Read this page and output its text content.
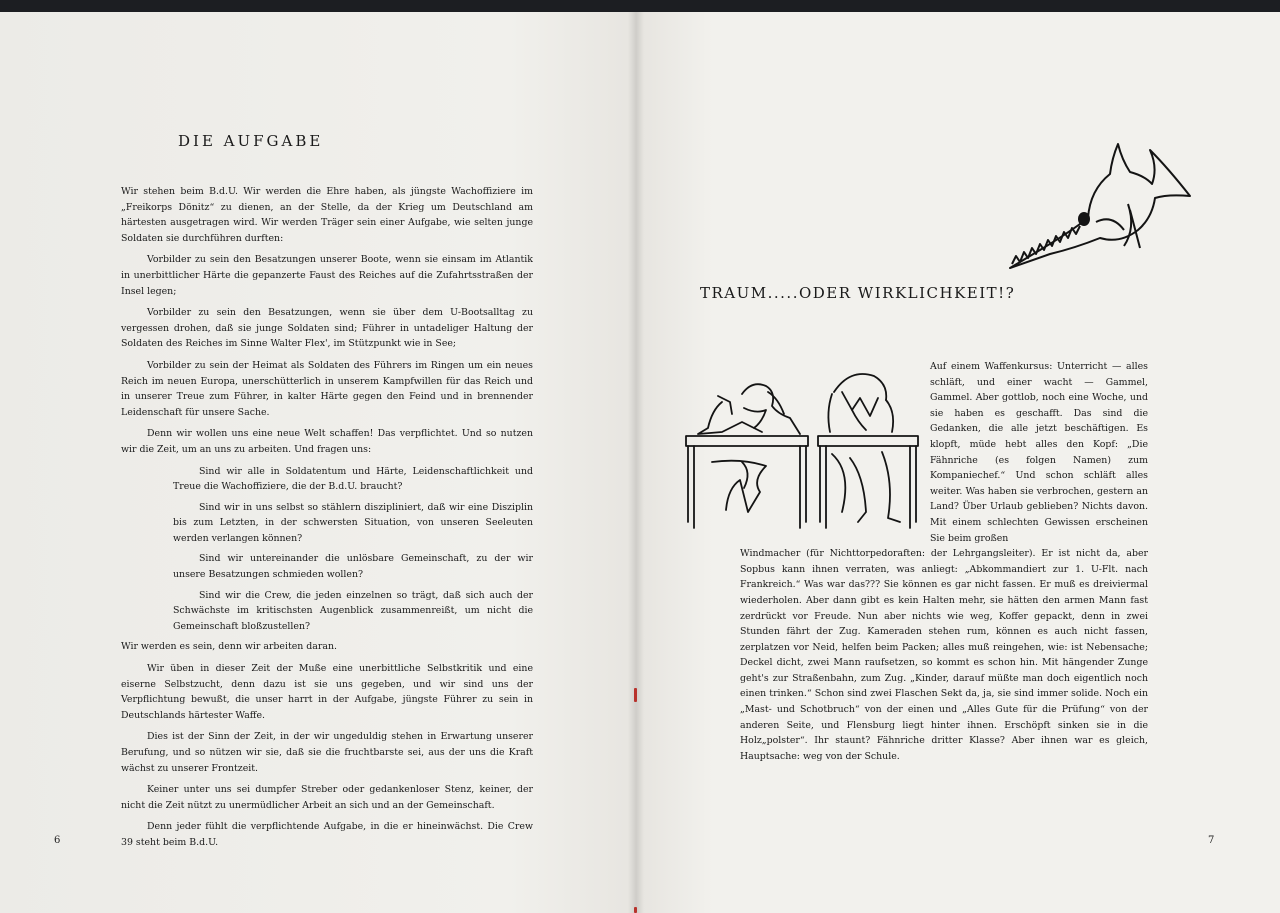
DIE AUFGABE

Wir stehen beim B.d.U. Wir werden die Ehre haben, als jüngste Wachoffiziere im „Freikorps Dönitz“ zu dienen, an der Stelle, da der Krieg um Deutschland am härtesten ausgetragen wird. Wir werden Träger sein einer Aufgabe, wie selten junge Soldaten sie durchführen durften:

Vorbilder zu sein den Besatzungen unserer Boote, wenn sie einsam im Atlantik in unerbittlicher Härte die gepanzerte Faust des Reiches auf die Zufahrtsstraßen der Insel legen;

Vorbilder zu sein den Besatzungen, wenn sie über dem U-Bootsalltag zu vergessen drohen, daß sie junge Soldaten sind; Führer in untadeliger Haltung der Soldaten des Reiches im Sinne Walter Flex', im Stützpunkt wie in See;

Vorbilder zu sein der Heimat als Soldaten des Führers im Ringen um ein neues Reich im neuen Europa, unerschütterlich in unserem Kampfwillen für das Reich und in unserer Treue zum Führer, in kalter Härte gegen den Feind und in brennender Leidenschaft für unsere Sache.

Denn wir wollen uns eine neue Welt schaffen! Das verpflichtet. Und so nutzen wir die Zeit, um an uns zu arbeiten. Und fragen uns:

Sind wir alle in Soldatentum und Härte, Leidenschaftlichkeit und Treue die Wachoffiziere, die der B.d.U. braucht?

Sind wir in uns selbst so stählern diszipliniert, daß wir eine Disziplin bis zum Letzten, in der schwersten Situation, von unseren Seeleuten werden verlangen können?

Sind wir untereinander die unlösbare Gemeinschaft, zu der wir unsere Besatzungen schmieden wollen?

Sind wir die Crew, die jeden einzelnen so trägt, daß sich auch der Schwächste im kritischsten Augenblick zusammenreißt, um nicht die Gemeinschaft bloßzustellen?

Wir werden es sein, denn wir arbeiten daran.

Wir üben in dieser Zeit der Muße eine unerbittliche Selbstkritik und eine eiserne Selbstzucht, denn dazu ist sie uns gegeben, und wir sind uns der Verpflichtung bewußt, die unser harrt in der Aufgabe, jüngste Führer zu sein in Deutschlands härtester Waffe.

Dies ist der Sinn der Zeit, in der wir ungeduldig stehen in Erwartung unserer Berufung, und so nützen wir sie, daß sie die fruchtbarste sei, aus der uns die Kraft wächst zu unserer Frontzeit.

Keiner unter uns sei dumpfer Streber oder gedankenloser Stenz, keiner, der nicht die Zeit nützt zu unermüdlicher Arbeit an sich und an der Gemeinschaft.

Denn jeder fühlt die verpflichtende Aufgabe, in die er hineinwächst. Die Crew 39 steht beim B.d.U.

6
TRAUM.....ODER WIRKLICHKEIT!?

Auf einem Waffenkursus: Unterricht — alles schläft, und einer wacht — Gammel, Gammel. Aber gottlob, noch eine Woche, und sie haben es geschafft. Das sind die Gedanken, die alle jetzt beschäftigen. Es klopft, müde hebt alles den Kopf: „Die Fähnriche (es folgen Namen) zum Kompaniechef.“ Und schon schläft alles weiter. Was haben sie verbrochen, gestern an Land? Über Urlaub geblieben? Nichts davon. Mit einem schlechten Gewissen erscheinen Sie beim großen

Windmacher (für Nichttorpedoraften: der Lehrgangsleiter). Er ist nicht da, aber Sopbus kann ihnen verraten, was anliegt: „Abkommandiert zur 1. U-Flt. nach Frankreich.“ Was war das??? Sie können es gar nicht fassen. Er muß es dreiviermal wiederholen. Aber dann gibt es kein Halten mehr, sie hätten den armen Mann fast zerdrückt vor Freude. Nun aber nichts wie weg, Koffer gepackt, denn in zwei Stunden fährt der Zug. Kameraden stehen rum, können es auch nicht fassen, zerplatzen vor Neid, helfen beim Packen; alles muß reingehen, wie: ist Nebensache; Deckel dicht, zwei Mann raufsetzen, so kommt es schon hin. Mit hängender Zunge geht's zur Straßenbahn, zum Zug. „Kinder, darauf müßte man doch eigentlich noch einen trinken.“ Schon sind zwei Flaschen Sekt da, ja, sie sind immer solide. Noch ein „Mast- und Schotbruch“ von der einen und „Alles Gute für die Prüfung“ von der anderen Seite, und Flensburg liegt hinter ihnen. Erschöpft sinken sie in die Holz„polster“. Ihr staunt? Fähnriche dritter Klasse? Aber ihnen war es gleich, Hauptsache: weg von der Schule.

7
